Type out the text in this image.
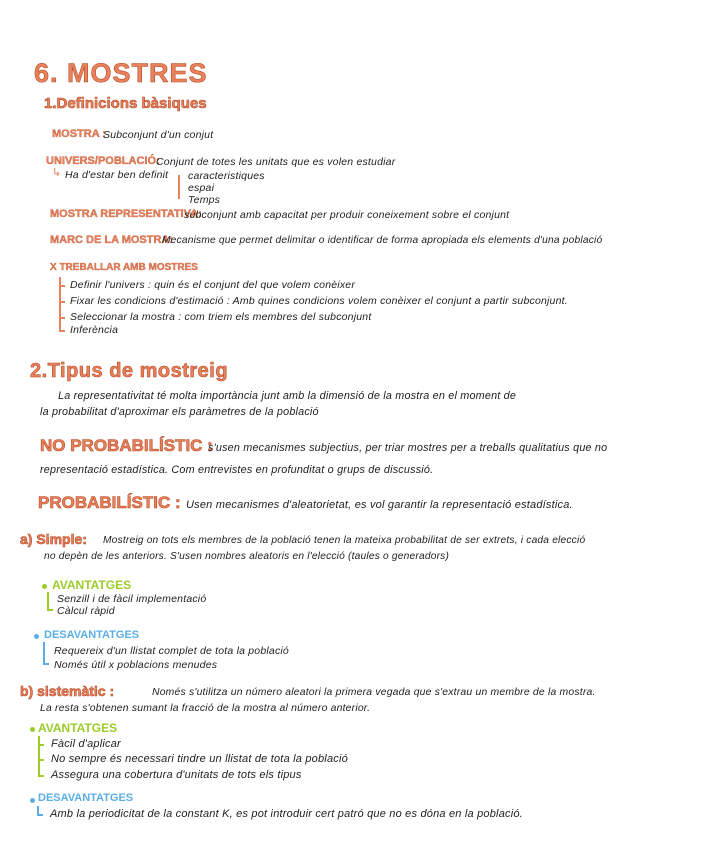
6. MOSTRES
1.Definicions bàsiques
MOSTRA :
Subconjunt d'un conjut
UNIVERS/POBLACIÓ:
Conjunt de totes les unitats que es volen estudiar
↳ Ha d'estar ben definit caracteristiques
espai
Temps
MOSTRA REPRESENTATIVA:
subconjunt amb capacitat per produir coneixement sobre el conjunt
MARC DE LA MOSTRA:
Mecanisme que permet delimitar o identificar de forma apropiada els elements d'una població
X TREBALLAR AMB MOSTRES
Definir l'univers : quin és el conjunt del que volem conèixer
Fixar les condicions d'estimació : Amb quines condicions volem conèixer el conjunt a partir subconjunt.
Seleccionar la mostra : com triem els membres del subconjunt
Inferència
2.Tipus de mostreig
La representativitat té molta importància junt amb la dimensió de la mostra en el moment de
la probabilitat d'aproximar els paràmetres de la població
NO PROBABILÍSTIC :
s'usen mecanismes subjectius, per triar mostres per a treballs qualitatius que no
representació estadística. Com entrevistes en profunditat o grups de discussió.
PROBABILÍSTIC : Usen mecanismes d'aleatorietat, es vol garantir la representació estadística.
a) Simple: Mostreig on tots els membres de la població tenen la mateixa probabilitat de ser extrets, i cada elecció
no depèn de les anteriors. S'usen nombres aleatoris en l'elecció (taules o generadors)
AVANTATGES
Senzill i de fàcil implementació
Càlcul ràpid
DESAVANTATGES
Requereix d'un llistat complet de tota la població
Només útil x poblacions menudes
b) sistemàtic :	Només s'utilitza un número aleatori la primera vegada que s'extrau un membre de la mostra.
La resta s'obtenen sumant la fracció de la mostra al número anterior.
AVANTATGES
Fàcil d'aplicar
No sempre és necessari tindre un llistat de tota la població
Assegura una cobertura d'unitats de tots els tipus
DESAVANTATGES
Amb la periodicitat de la constant K, es pot introduir cert patró que no es dóna en la població.
